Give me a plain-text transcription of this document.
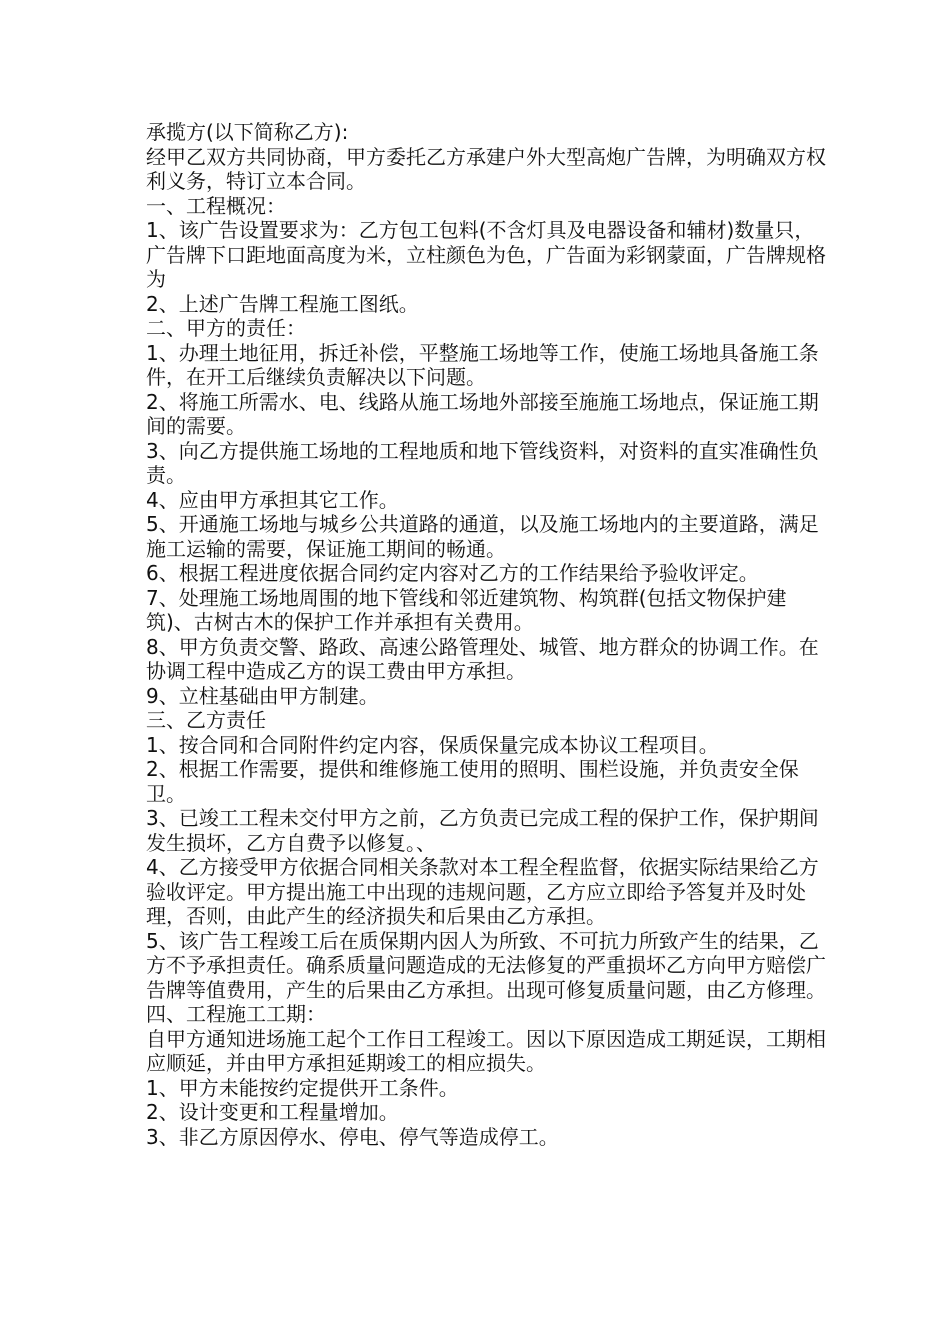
承揽方(以下简称乙方):

经甲乙双方共同协商，甲方委托乙方承建户外大型高炮广告牌，为明确双方权利义务，特订立本合同。

一、工程概况：

1、该广告设置要求为：乙方包工包料(不含灯具及电器设备和辅材)数量只，广告牌下口距地面高度为米，立柱颜色为色，广告面为彩钢蒙面，广告牌规格为

2、上述广告牌工程施工图纸。

二、甲方的责任：

1、办理土地征用，拆迁补偿，平整施工场地等工作，使施工场地具备施工条件，在开工后继续负责解决以下问题。

2、将施工所需水、电、线路从施工场地外部接至施施工场地点，保证施工期间的需要。

3、向乙方提供施工场地的工程地质和地下管线资料，对资料的直实准确性负责。

4、应由甲方承担其它工作。

5、开通施工场地与城乡公共道路的通道，以及施工场地内的主要道路，满足施工运输的需要，保证施工期间的畅通。

6、根据工程进度依据合同约定内容对乙方的工作结果给予验收评定。

7、处理施工场地周围的地下管线和邻近建筑物、构筑群(包括文物保护建筑)、古树古木的保护工作并承担有关费用。

8、甲方负责交警、路政、高速公路管理处、城管、地方群众的协调工作。在协调工程中造成乙方的误工费由甲方承担。

9、立柱基础由甲方制建。

三、乙方责任

1、按合同和合同附件约定内容，保质保量完成本协议工程项目。

2、根据工作需要，提供和维修施工使用的照明、围栏设施，并负责安全保卫。

3、已竣工工程未交付甲方之前，乙方负责已完成工程的保护工作，保护期间发生损坏，乙方自费予以修复。、

4、乙方接受甲方依据合同相关条款对本工程全程监督，依据实际结果给乙方验收评定。甲方提出施工中出现的违规问题，乙方应立即给予答复并及时处理，否则，由此产生的经济损失和后果由乙方承担。

5、该广告工程竣工后在质保期内因人为所致、不可抗力所致产生的结果，乙方不予承担责任。确系质量问题造成的无法修复的严重损坏乙方向甲方赔偿广告牌等值费用，产生的后果由乙方承担。出现可修复质量问题，由乙方修理。

四、工程施工工期：

自甲方通知进场施工起个工作日工程竣工。因以下原因造成工期延误，工期相应顺延，并由甲方承担延期竣工的相应损失。

1、甲方未能按约定提供开工条件。

2、设计变更和工程量增加。

3、非乙方原因停水、停电、停气等造成停工。
